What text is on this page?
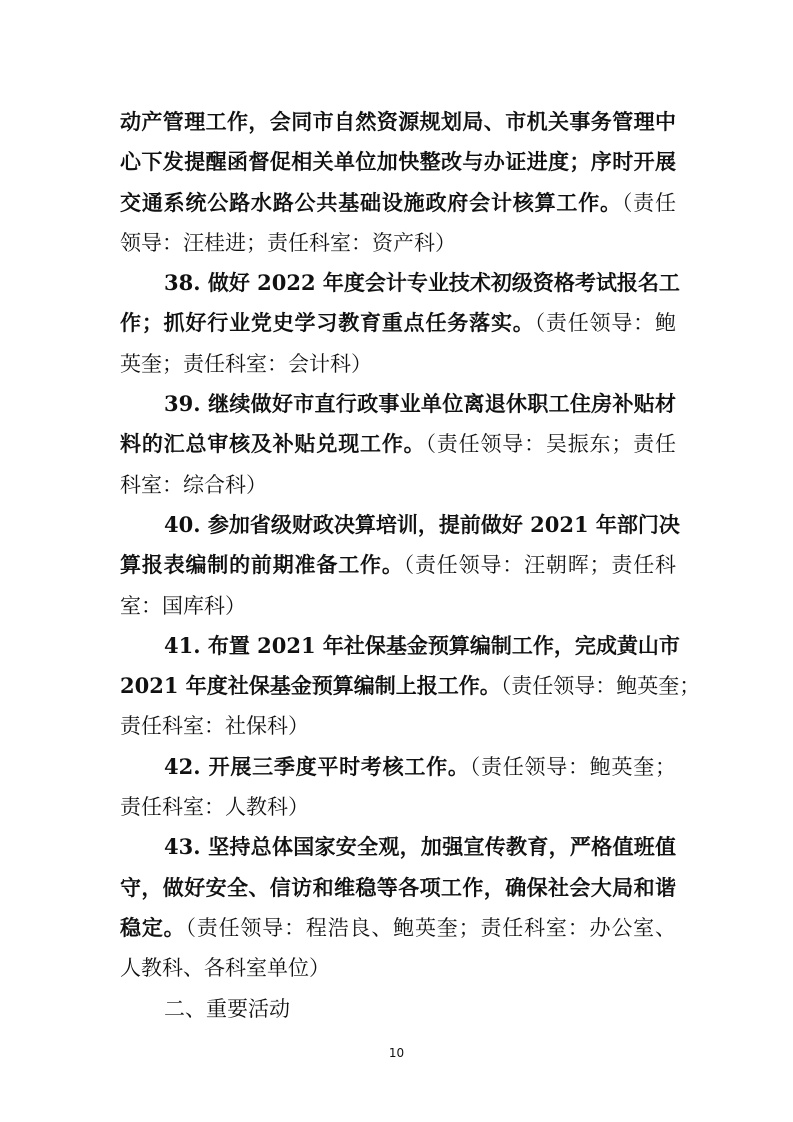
动产管理工作，会同市自然资源规划局、市机关事务管理中
心下发提醒函督促相关单位加快整改与办证进度；序时开展
交通系统公路水路公共基础设施政府会计核算工作。（责任
领导：汪桂进；责任科室：资产科）
38. 做好 2022 年度会计专业技术初级资格考试报名工
作；抓好行业党史学习教育重点任务落实。（责任领导：鲍
英奎；责任科室：会计科）
39. 继续做好市直行政事业单位离退休职工住房补贴材
料的汇总审核及补贴兑现工作。（责任领导：吴振东；责任
科室：综合科）
40. 参加省级财政决算培训，提前做好 2021 年部门决
算报表编制的前期准备工作。（责任领导：汪朝晖；责任科
室：国库科）
41. 布置 2021 年社保基金预算编制工作，完成黄山市
2021 年度社保基金预算编制上报工作。（责任领导：鲍英奎；
责任科室：社保科）
42. 开展三季度平时考核工作。（责任领导：鲍英奎；
责任科室：人教科）
43. 坚持总体国家安全观，加强宣传教育，严格值班值
守，做好安全、信访和维稳等各项工作，确保社会大局和谐
稳定。（责任领导：程浩良、鲍英奎；责任科室：办公室、
人教科、各科室单位）
二、重要活动
10
